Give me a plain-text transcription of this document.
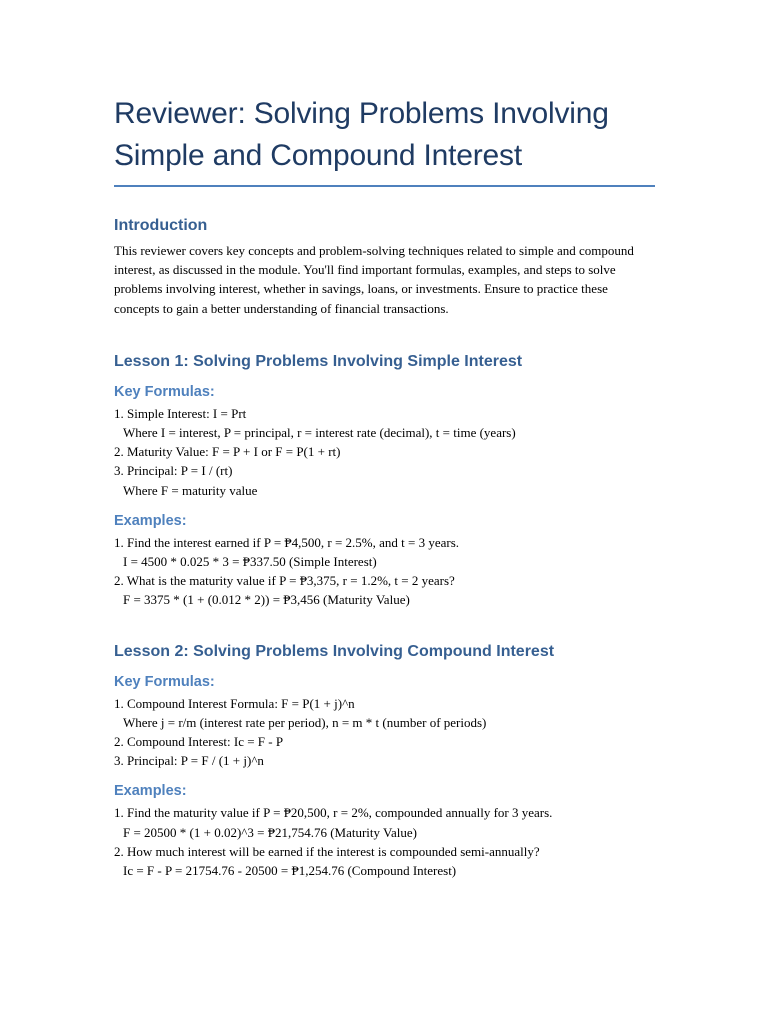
Reviewer: Solving Problems Involving
Simple and Compound Interest
Introduction

This reviewer covers key concepts and problem-solving techniques related to simple and compound interest, as discussed in the module. You'll find important formulas, examples, and steps to solve problems involving interest, whether in savings, loans, or investments. Ensure to practice these concepts to gain a better understanding of financial transactions.

Lesson 1: Solving Problems Involving Simple Interest
Key Formulas:
1. Simple Interest: I = Prt
Where I = interest, P = principal, r = interest rate (decimal), t = time (years)
2. Maturity Value: F = P + I or F = P(1 + rt)
3. Principal: P = I / (rt)
Where F = maturity value
Examples:
1. Find the interest earned if P = ₱4,500, r = 2.5%, and t = 3 years.
I = 4500 * 0.025 * 3 = ₱337.50 (Simple Interest)
2. What is the maturity value if P = ₱3,375, r = 1.2%, t = 2 years?
F = 3375 * (1 + (0.012 * 2)) = ₱3,456 (Maturity Value)
Lesson 2: Solving Problems Involving Compound Interest
Key Formulas:
1. Compound Interest Formula: F = P(1 + j)^n
Where j = r/m (interest rate per period), n = m * t (number of periods)
2. Compound Interest: Ic = F - P
3. Principal: P = F / (1 + j)^n
Examples:
1. Find the maturity value if P = ₱20,500, r = 2%, compounded annually for 3 years.
F = 20500 * (1 + 0.02)^3 = ₱21,754.76 (Maturity Value)
2. How much interest will be earned if the interest is compounded semi-annually?
Ic = F - P = 21754.76 - 20500 = ₱1,254.76 (Compound Interest)
